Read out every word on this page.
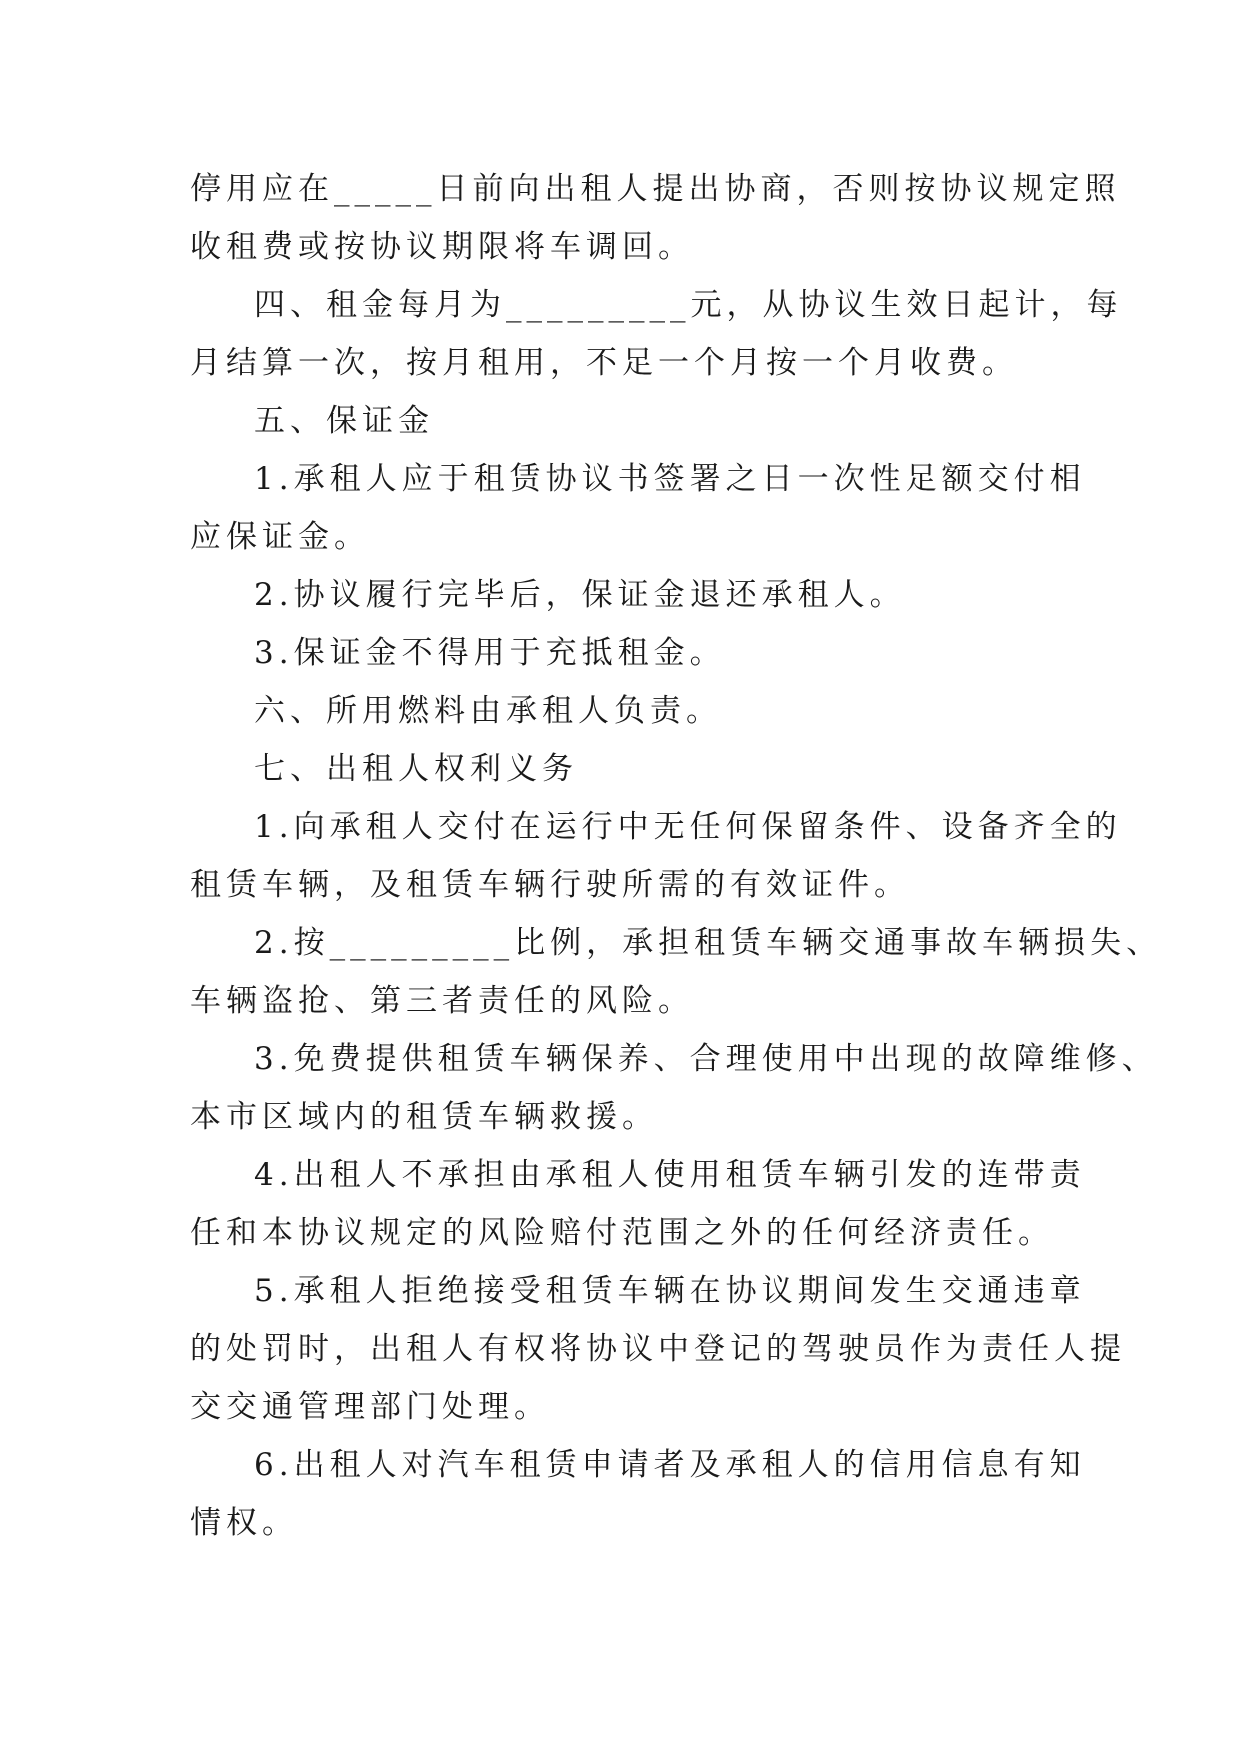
停用应在_____日前向出租人提出协商，否则按协议规定照
收租费或按协议期限将车调回。
四、租金每月为_________元，从协议生效日起计，每
月结算一次，按月租用，不足一个月按一个月收费。
五、保证金
1.承租人应于租赁协议书签署之日一次性足额交付相
应保证金。
2.协议履行完毕后，保证金退还承租人。
3.保证金不得用于充抵租金。
六、所用燃料由承租人负责。
七、出租人权利义务
1.向承租人交付在运行中无任何保留条件、设备齐全的
租赁车辆，及租赁车辆行驶所需的有效证件。
2.按_________比例，承担租赁车辆交通事故车辆损失、
车辆盗抢、第三者责任的风险。
3.免费提供租赁车辆保养、合理使用中出现的故障维修、
本市区域内的租赁车辆救援。
4.出租人不承担由承租人使用租赁车辆引发的连带责
任和本协议规定的风险赔付范围之外的任何经济责任。
5.承租人拒绝接受租赁车辆在协议期间发生交通违章
的处罚时，出租人有权将协议中登记的驾驶员作为责任人提
交交通管理部门处理。
6.出租人对汽车租赁申请者及承租人的信用信息有知
情权。
